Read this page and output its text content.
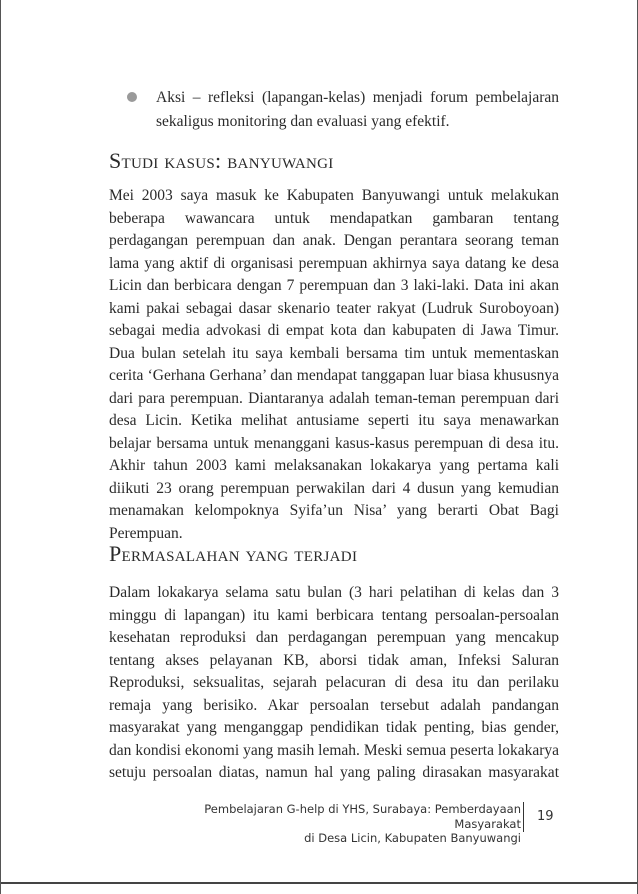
Aksi – refleksi (lapangan-kelas) menjadi forum pembelajaran sekaligus monitoring dan evaluasi yang efektif.
Studi kasus: banyuwangi
Mei 2003 saya masuk ke Kabupaten Banyuwangi untuk melakukan beberapa wawancara untuk mendapatkan gambaran tentang perdagangan perempuan dan anak. Dengan perantara seorang teman lama yang aktif di organisasi perempuan akhirnya saya datang ke desa Licin dan berbicara dengan 7 perempuan dan 3 laki-laki. Data ini akan kami pakai sebagai dasar skenario teater rakyat (Ludruk Suroboyoan) sebagai media advokasi di empat kota dan kabupaten di Jawa Timur. Dua bulan setelah itu saya kembali bersama tim untuk mementaskan cerita ‘Gerhana Gerhana’ dan mendapat tanggapan luar biasa khususnya dari para perempuan. Diantaranya adalah teman-teman perempuan dari desa Licin. Ketika melihat antusiame seperti itu saya menawarkan belajar bersama untuk menanggani kasus-kasus perempuan di desa itu. Akhir tahun 2003 kami melaksanakan lokakarya yang pertama kali diikuti 23 orang perempuan perwakilan dari 4 dusun yang kemudian menamakan kelompoknya Syifa’un Nisa’ yang berarti Obat Bagi Perempuan.
Permasalahan yang terjadi
Dalam lokakarya selama satu bulan (3 hari pelatihan di kelas dan 3 minggu di lapangan) itu kami berbicara tentang persoalan-persoalan kesehatan reproduksi dan perdagangan perempuan yang mencakup tentang akses pelayanan KB, aborsi tidak aman, Infeksi Saluran Reproduksi, seksualitas, sejarah pelacuran di desa itu dan perilaku remaja yang berisiko. Akar persoalan tersebut adalah pandangan masyarakat yang menganggap pendidikan tidak penting, bias gender, dan kondisi ekonomi yang masih lemah. Meski semua peserta lokakarya setuju persoalan diatas, namun hal yang paling dirasakan masyarakat
Pembelajaran G-help di YHS, Surabaya: Pemberdayaan Masyarakat
di Desa Licin, Kabupaten Banyuwangi
19
